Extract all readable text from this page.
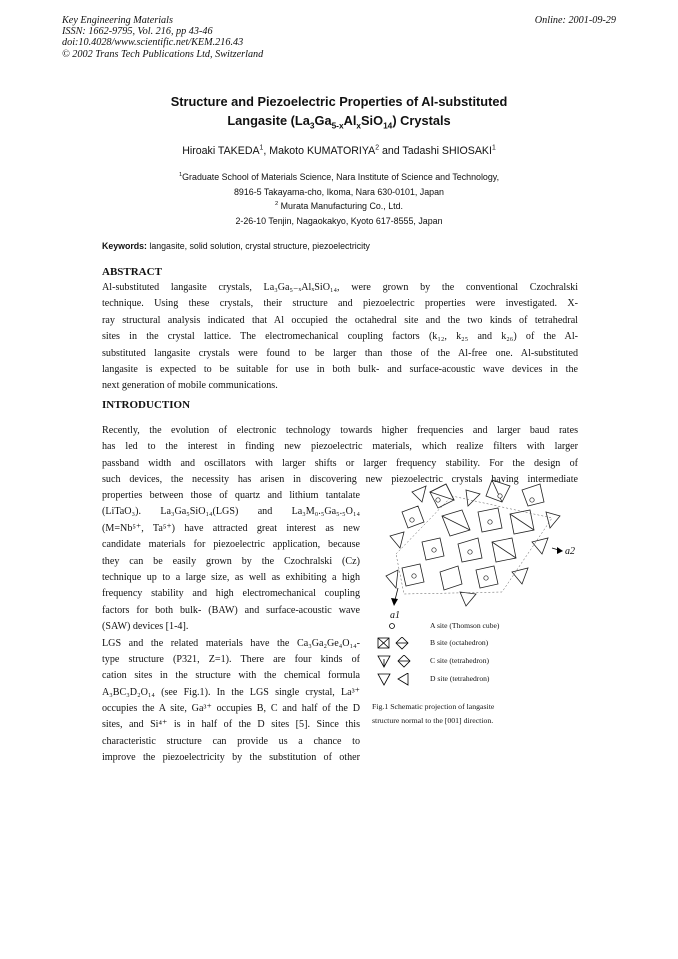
Key Engineering Materials
ISSN: 1662-9795, Vol. 216, pp 43-46
doi:10.4028/www.scientific.net/KEM.216.43
© 2002 Trans Tech Publications Ltd, Switzerland
Online: 2001-09-29
Structure and Piezoelectric Properties of Al-substituted
Langasite $(La_3Ga_{5-x}Al_xSiO_{14})$ Crystals
Hiroaki TAKEDA$^1$, Makoto KUMATORIYA$^2$ and Tadashi SHIOSAKI$^1$
$^1$Graduate School of Materials Science, Nara Institute of Science and Technology,
8916-5 Takayama-cho, Ikoma, Nara 630-0101, Japan
$^2$ Murata Manufacturing Co., Ltd.
2-26-10 Tenjin, Nagaokakyo, Kyoto 617-8555, Japan
Keywords: langasite, solid solution, crystal structure, piezoelectricity
ABSTRACT
Al-substituted langasite crystals, La₃Ga₅₋ₓAlₓSiO₁₄, were grown by the conventional Czochralski
technique. Using these crystals, their structure and piezoelectric properties were investigated. X-
ray structural analysis indicated that Al occupied the octahedral site and the two kinds of tetrahedral
sites in the crystal lattice. The electromechanical coupling factors (k₁₂, k₂₅ and k₂₆) of the Al-
substituted langasite crystals were found to be larger than those of the Al-free one. Al-substituted
langasite is expected to be suitable for use in both bulk- and surface-acoustic wave devices in the
next generation of mobile communications.
INTRODUCTION
Recently, the evolution of electronic technology towards higher frequencies and larger baud rates
has led to the interest in finding new piezoelectric materials, which realize filters with larger
passband width and oscillators with larger shifts or larger frequency stability. For the design of
such devices, the necessity has arisen in discovering new piezoelectric crystals having intermediate
properties between those of quartz and lithium tantalate
(LiTaO₃). La₃Ga₅SiO₁₄(LGS) and La₃M₀.₅Ga₅.₅O₁₄
(M=Nb⁵⁺, Ta⁵⁺) have attracted great interest as new
candidate materials for piezoelectric application, because
they can be easily grown by the Czochralski (Cz)
technique up to a large size, as well as exhibiting a high
frequency stability and high electromechanical coupling
factors for both bulk- (BAW) and surface-acoustic wave
(SAW) devices [1-4].
LGS and the related materials have the Ca₃Ga₂Ge₄O₁₄-
type structure (P321, Z=1). There are four kinds of
cation sites in the structure with the chemical formula
A₃BC₃D₂O₁₄ (see Fig.1). In the LGS single crystal, La³⁺
occupies the A site, Ga³⁺ occupies B, C and half of the D
sites, and Si⁴⁺ is in half of the D sites [5]. Since this
characteristic structure can provide us a chance to
improve the piezoelectricity by the substitution of other
a2
a1
A site (Thomson cube)
B site (octahedron)
C site (tetrahedron)
D site (tetrahedron)
Fig.1 Schematic projection of langasite
structure normal to the [001] direction.
